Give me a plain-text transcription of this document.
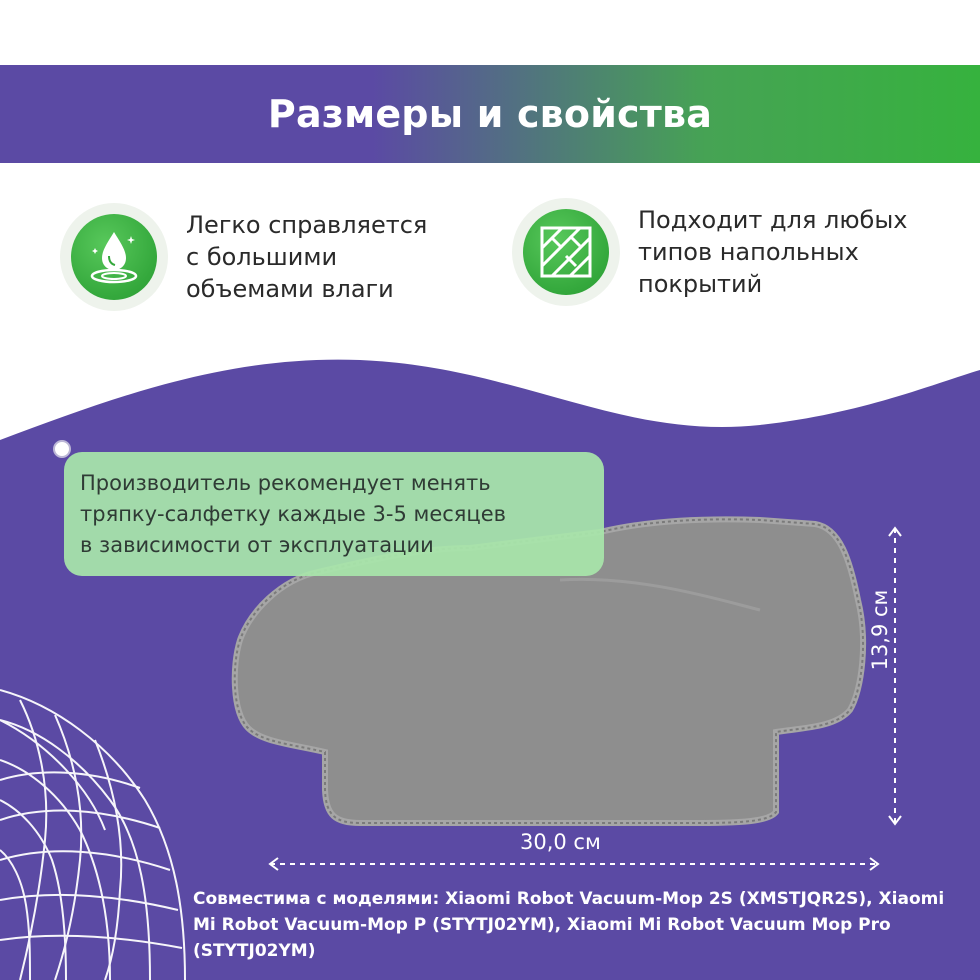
Размеры и свойства
Легко справляется
с большими
объемами влаги
Подходит для любых
типов напольных
покрытий
Производитель рекомендует менять
тряпку-салфетку каждые 3-5 месяцев
в зависимости от эксплуатации
30,0 см
13,9 см
Совместима с моделями: Xiaomi Robot Vacuum-Mop 2S (XMSTJQR2S), Xiaomi Mi Robot Vacuum-Mop P (STYTJ02YM), Xiaomi Mi Robot Vacuum Mop Pro (STYTJ02YM)
